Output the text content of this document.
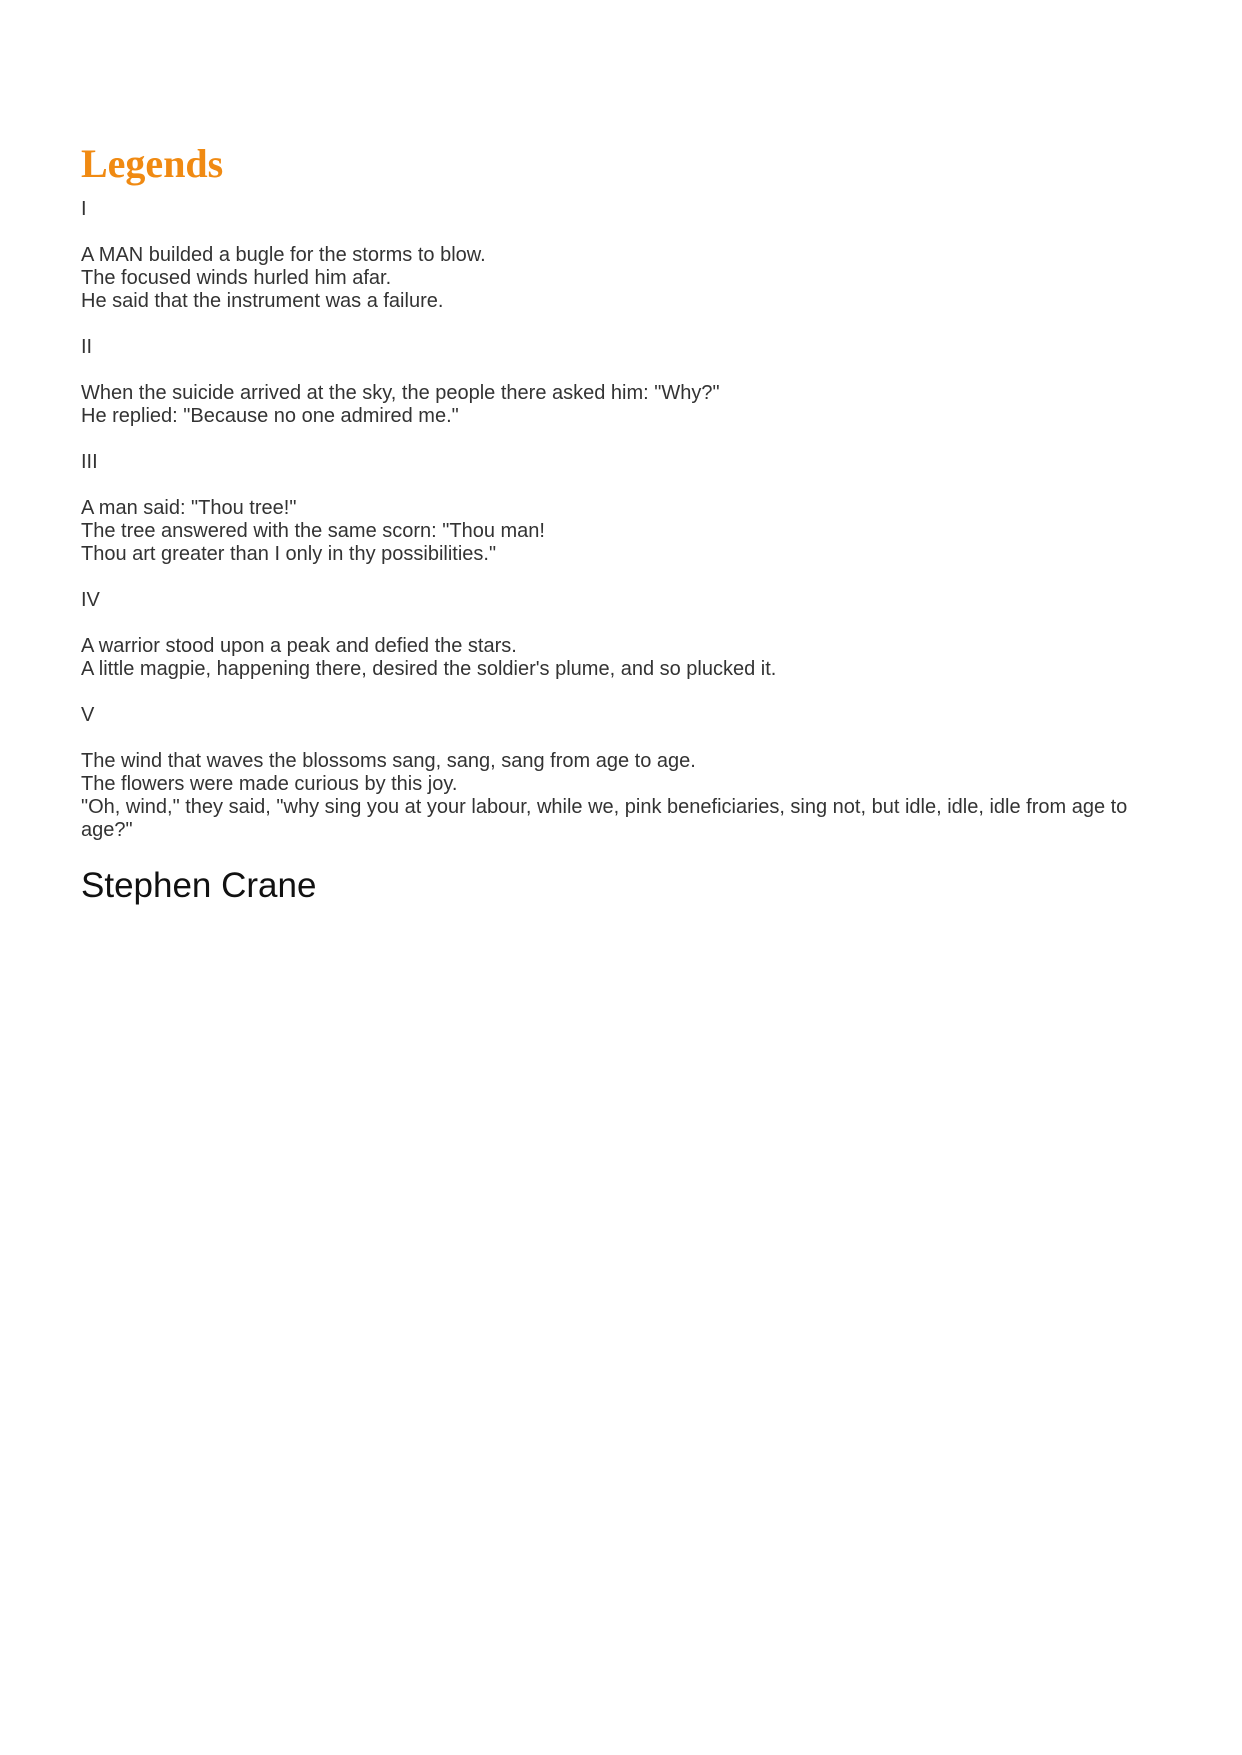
Legends
I
A MAN builded a bugle for the storms to blow.
The focused winds hurled him afar.
He said that the instrument was a failure.
II
When the suicide arrived at the sky, the people there asked him: "Why?"
He replied: "Because no one admired me."
III
A man said: "Thou tree!"
The tree answered with the same scorn: "Thou man!
Thou art greater than I only in thy possibilities."
IV
A warrior stood upon a peak and defied the stars.
A little magpie, happening there, desired the soldier's plume, and so plucked it.
V
The wind that waves the blossoms sang, sang, sang from age to age.
The flowers were made curious by this joy.
"Oh, wind," they said, "why sing you at your labour, while we, pink beneficiaries, sing not, but idle, idle, idle from age to age?"
Stephen Crane
